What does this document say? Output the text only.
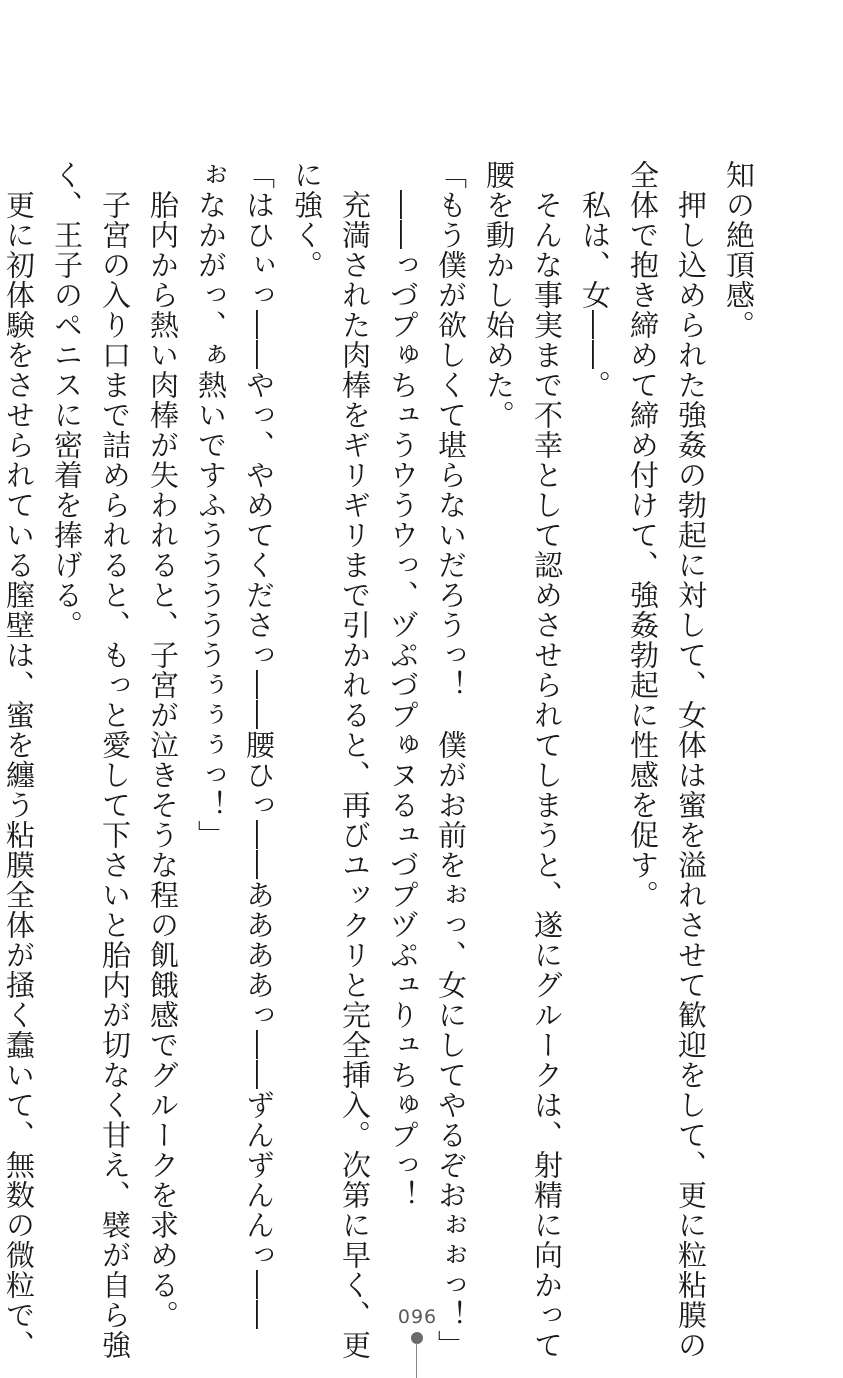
知の絶頂感。
　押し込められた強姦の勃起に対して、女体は蜜を溢れさせて歓迎をして、更に粒粘膜の
全体で抱き締めて締め付けて、強姦勃起に性感を促す。
　私は、女――。
　そんな事実まで不幸として認めさせられてしまうと、遂にグルークは、射精に向かって
腰を動かし始めた。
「もう僕が欲しくて堪らないだろうっ！　僕がお前をぉっ、女にしてやるぞおぉぉっ！」
　――っづプゅちュうウうウっ、ヅぷづプゅヌるュづプヅぷュりュちゅプっ！
　充満された肉棒をギリギリまで引かれると、再びユックリと完全挿入。次第に早く、更
に強く。
「はひぃっ――やっ、やめてくださっ――腰ひっ――ああああっ――ずんずんんっ――
ぉなかがっ、ぁ熱いですふうううううぅぅぅっ！」
　胎内から熱い肉棒が失われると、子宮が泣きそうな程の飢餓感でグルークを求める。
　子宮の入り口まで詰められると、もっと愛して下さいと胎内が切なく甘え、襞が自ら強
く、王子のペニスに密着を捧げる。
　更に初体験をさせられている膣壁は、蜜を纏う粘膜全体が掻く蠢いて、無数の微粒で、	096
